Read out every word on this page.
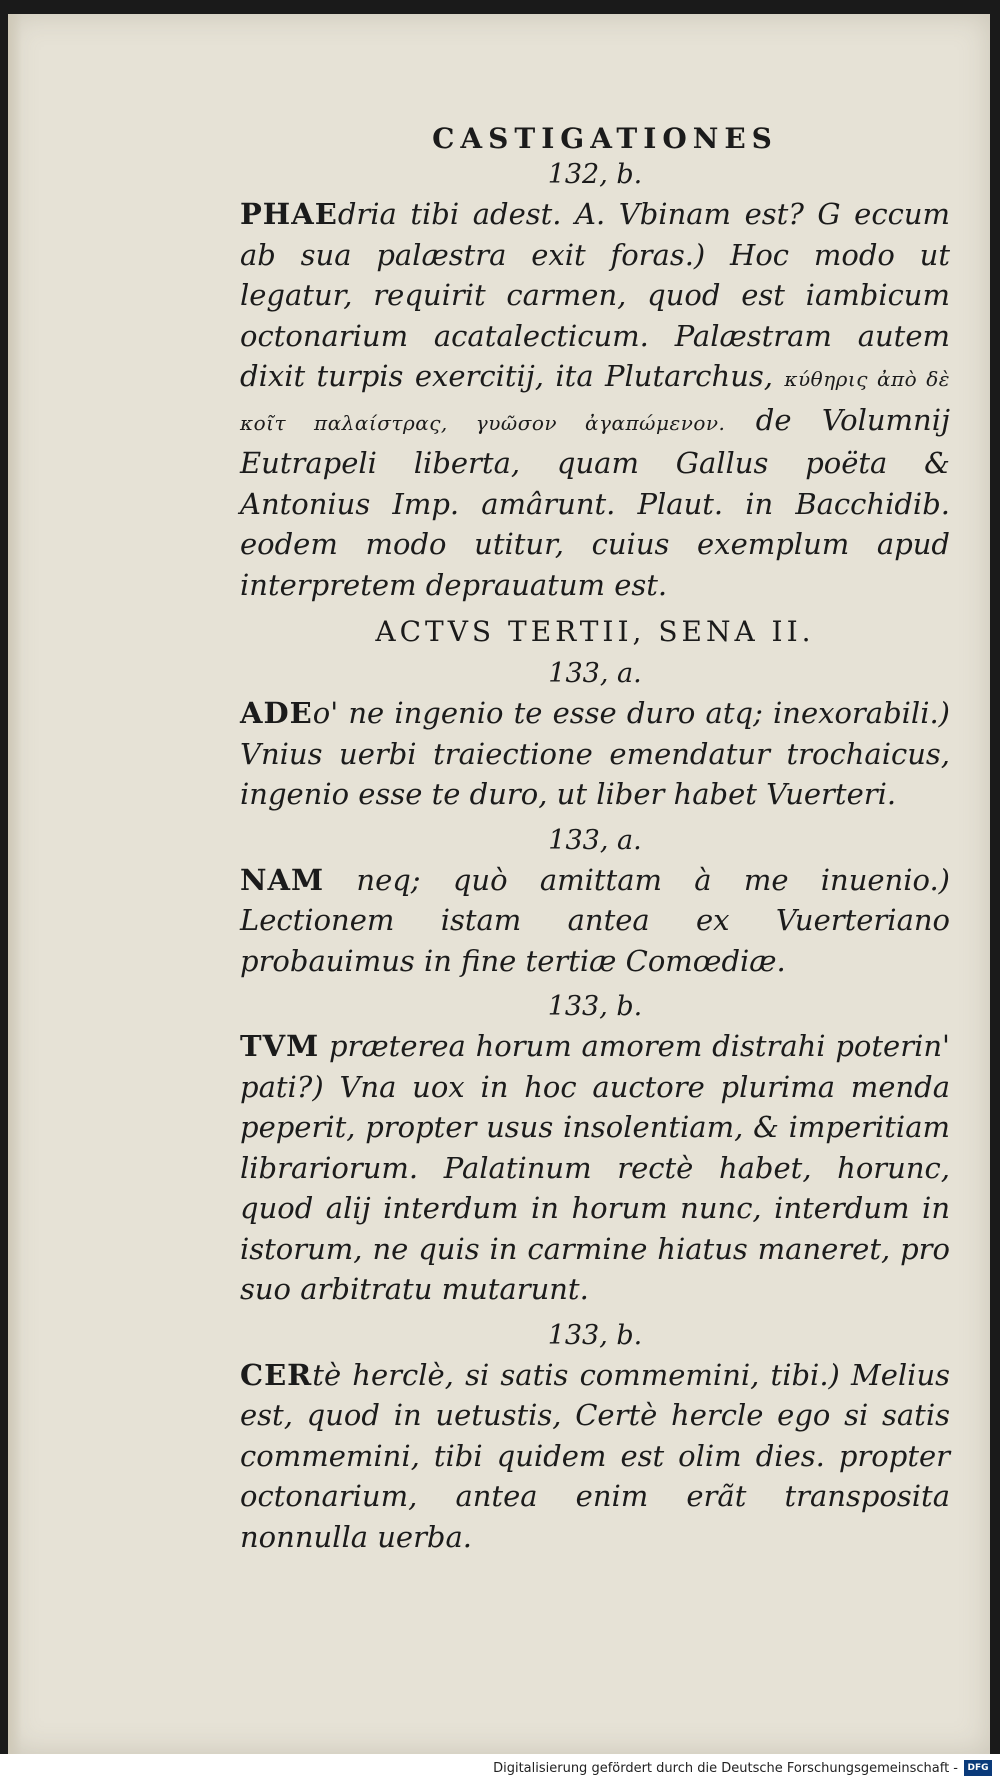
CASTIGATIONES
132, b.

PHAEdria tibi adest. A. Vbinam est? G eccum ab sua palæstra exit foras.) Hoc modo ut legatur, requirit carmen, quod est iambicum octonarium acatalecticum. Palæstram autem dixit turpis exercitij, ita Plutarchus, κύθηρις ἀπὸ δὲ κοῖτ παλαίστρας, γυῶσον ἀγαπώμενον. de Volumnij Eutrapeli liberta, quam Gallus poëta & Antonius Imp. amârunt. Plaut. in Bacchidib. eodem modo utitur, cuius exemplum apud interpretem deprauatum est.

ACTVS TERTII, SENA II.
133, a.

ADEo' ne ingenio te esse duro atq; inexorabili.) Vnius uerbi traiectione emendatur trochaicus, ingenio esse te duro, ut liber habet Vuerteri.

133, a.

NAM neq; quò amittam à me inuenio.) Lectionem istam antea ex Vuerteriano probauimus in fine tertiæ Comœdiæ.

133, b.

TVM præterea horum amorem distrahi poterin' pati?) Vna uox in hoc auctore plurima menda peperit, propter usus insolentiam, & imperitiam librariorum. Palatinum rectè habet, horunc, quod alij interdum in horum nunc, interdum in istorum, ne quis in carmine hiatus maneret, pro suo arbitratu mutarunt.

133, b.

CERtè herclè, si satis commemini, tibi.) Melius est, quod in uetustis, Certè hercle ego si satis commemini, tibi quidem est olim dies. propter octonarium, antea enim erãt transposita nonnulla uerba.

Digitalisierung gefördert durch die Deutsche Forschungsgemeinschaft -	DFG
